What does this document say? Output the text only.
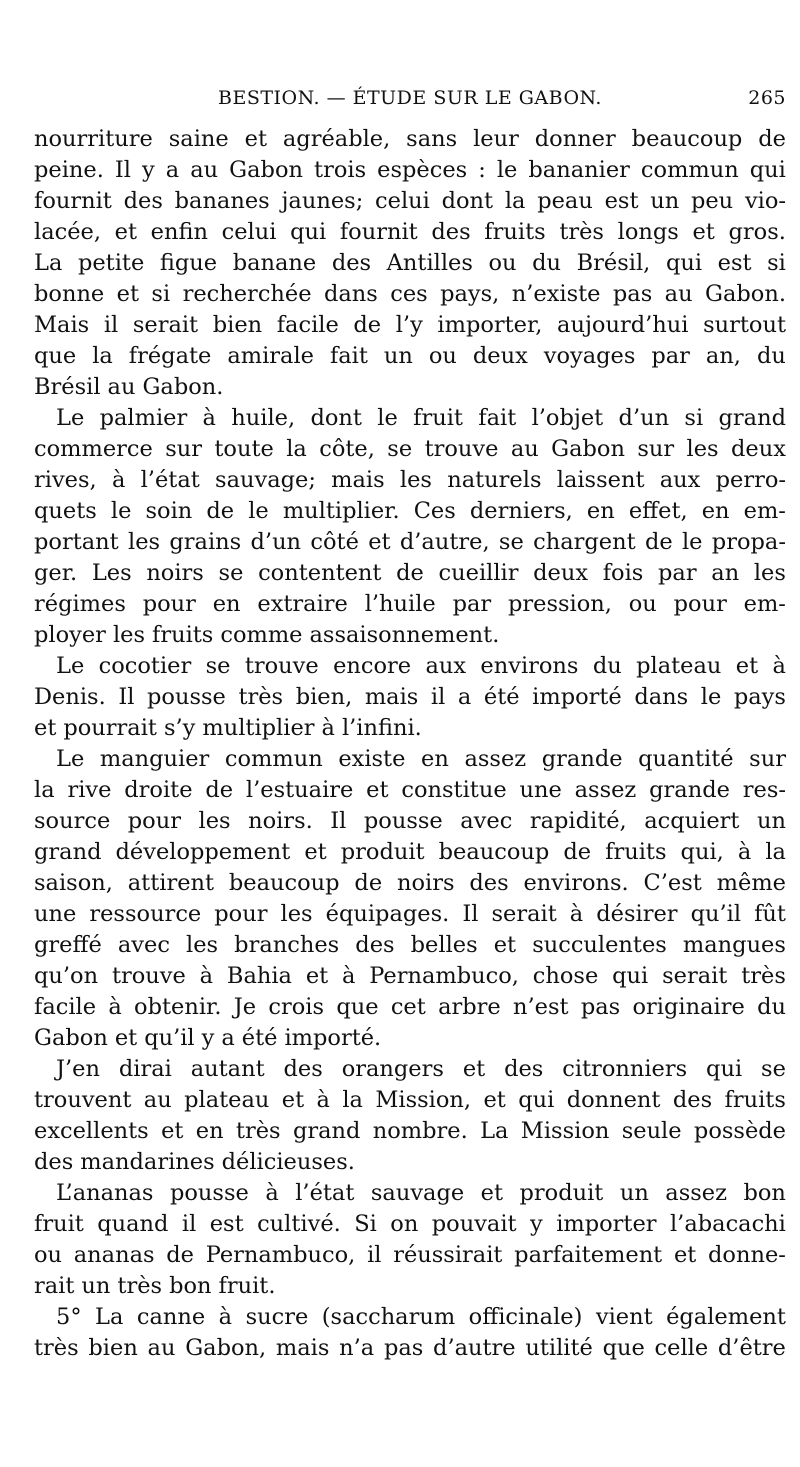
BESTION. — ÉTUDE SUR LE GABON.	265
nourriture saine et agréable, sans leur donner beaucoup de
peine. Il y a au Gabon trois espèces : le bananier commun qui
fournit des bananes jaunes; celui dont la peau est un peu vio-
lacée, et enfin celui qui fournit des fruits très longs et gros.
La petite figue banane des Antilles ou du Brésil, qui est si
bonne et si recherchée dans ces pays, n’existe pas au Gabon.
Mais il serait bien facile de l’y importer, aujourd’hui surtout
que la frégate amirale fait un ou deux voyages par an, du
Brésil au Gabon.
Le palmier à huile, dont le fruit fait l’objet d’un si grand
commerce sur toute la côte, se trouve au Gabon sur les deux
rives, à l’état sauvage; mais les naturels laissent aux perro-
quets le soin de le multiplier. Ces derniers, en effet, en em-
portant les grains d’un côté et d’autre, se chargent de le propa-
ger. Les noirs se contentent de cueillir deux fois par an les
régimes pour en extraire l’huile par pression, ou pour em-
ployer les fruits comme assaisonnement.
Le cocotier se trouve encore aux environs du plateau et à
Denis. Il pousse très bien, mais il a été importé dans le pays
et pourrait s’y multiplier à l’infini.
Le manguier commun existe en assez grande quantité sur
la rive droite de l’estuaire et constitue une assez grande res-
source pour les noirs. Il pousse avec rapidité, acquiert un
grand développement et produit beaucoup de fruits qui, à la
saison, attirent beaucoup de noirs des environs. C’est même
une ressource pour les équipages. Il serait à désirer qu’il fût
greffé avec les branches des belles et succulentes mangues
qu’on trouve à Bahia et à Pernambuco, chose qui serait très
facile à obtenir. Je crois que cet arbre n’est pas originaire du
Gabon et qu’il y a été importé.
J’en dirai autant des orangers et des citronniers qui se
trouvent au plateau et à la Mission, et qui donnent des fruits
excellents et en très grand nombre. La Mission seule possède
des mandarines délicieuses.
L’ananas pousse à l’état sauvage et produit un assez bon
fruit quand il est cultivé. Si on pouvait y importer l’abacachi
ou ananas de Pernambuco, il réussirait parfaitement et donne-
rait un très bon fruit.
5° La canne à sucre (saccharum officinale) vient également
très bien au Gabon, mais n’a pas d’autre utilité que celle d’être
